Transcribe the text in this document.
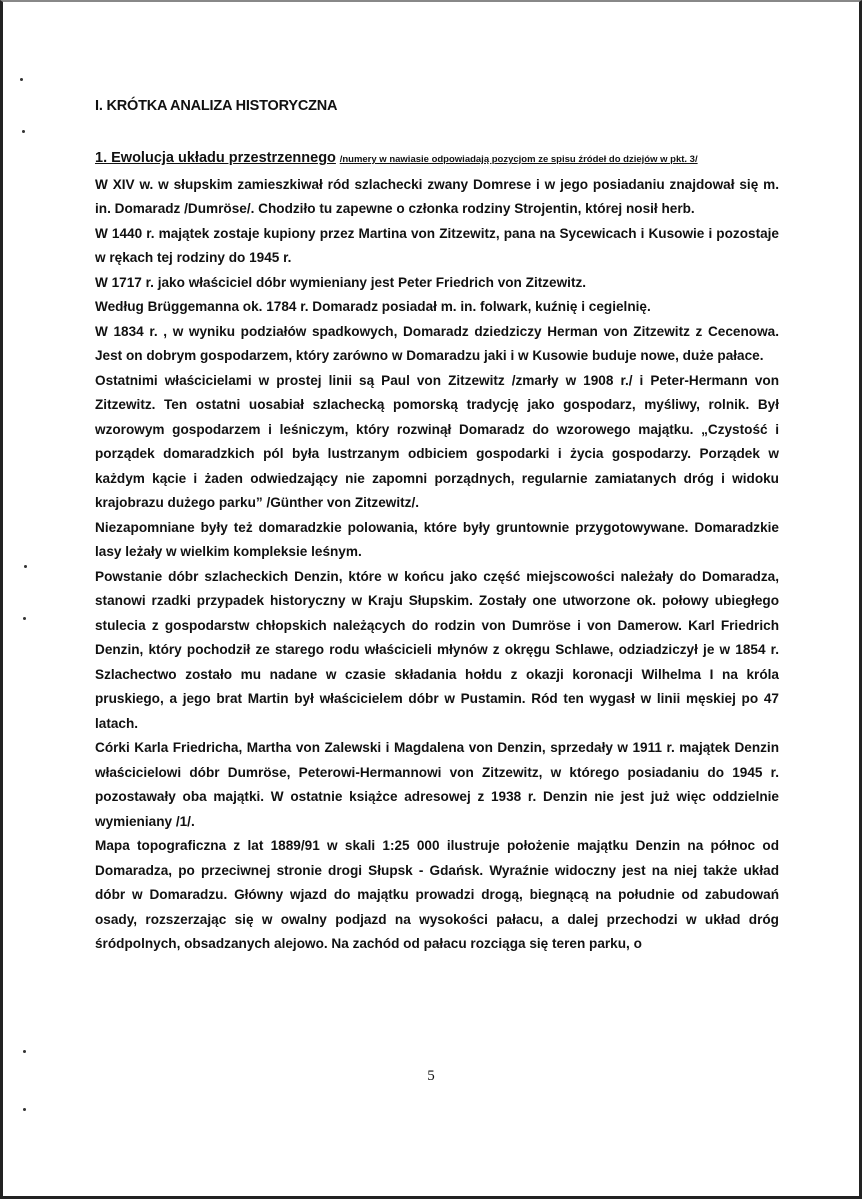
I. KRÓTKA ANALIZA HISTORYCZNA

1. Ewolucja układu przestrzennego /numery w nawiasie odpowiadają pozycjom ze spisu źródeł do dziejów w pkt. 3/

W XIV w. w słupskim zamieszkiwał ród szlachecki zwany Domrese i w jego posiadaniu znajdował się m. in. Domaradz /Dumröse/. Chodziło tu zapewne o członka rodziny Strojentin, której nosił herb.

W 1440 r. majątek zostaje kupiony przez Martina von Zitzewitz, pana na Sycewicach i Kusowie i pozostaje w rękach tej rodziny do 1945 r.

W 1717 r. jako właściciel dóbr wymieniany jest Peter Friedrich von Zitzewitz.

Według Brüggemanna ok. 1784 r. Domaradz posiadał m. in. folwark, kuźnię i cegielnię.

W 1834 r. , w wyniku podziałów spadkowych, Domaradz dziedziczy Herman von Zitzewitz z Cecenowa. Jest on dobrym gospodarzem, który zarówno w Domaradzu jaki i w Kusowie buduje nowe, duże pałace.

Ostatnimi właścicielami w prostej linii są Paul von Zitzewitz /zmarły w 1908 r./ i Peter-Hermann von Zitzewitz. Ten ostatni uosabiał szlachecką pomorską tradycję jako gospodarz, myśliwy, rolnik. Był wzorowym gospodarzem i leśniczym, który rozwinął Domaradz do wzorowego majątku. „Czystość i porządek domaradzkich pól była lustrzanym odbiciem gospodarki i życia gospodarzy. Porządek w każdym kącie i żaden odwiedzający nie zapomni porządnych, regularnie zamiatanych dróg i widoku krajobrazu dużego parku” /Günther von Zitzewitz/.

Niezapomniane były też domaradzkie polowania, które były gruntownie przygotowywane. Domaradzkie lasy leżały w wielkim kompleksie leśnym.

Powstanie dóbr szlacheckich Denzin, które w końcu jako część miejscowości należały do Domaradza, stanowi rzadki przypadek historyczny w Kraju Słupskim. Zostały one utworzone ok. połowy ubiegłego stulecia z gospodarstw chłopskich należących do rodzin von Dumröse i von Damerow. Karl Friedrich Denzin, który pochodził ze starego rodu właścicieli młynów z okręgu Schlawe, odziadziczył je w 1854 r. Szlachectwo zostało mu nadane w czasie składania hołdu z okazji koronacji Wilhelma I na króla pruskiego, a jego brat Martin był właścicielem dóbr w Pustamin. Ród ten wygasł w linii męskiej po 47 latach.

Córki Karla Friedricha, Martha von Zalewski i Magdalena von Denzin, sprzedały w 1911 r. majątek Denzin właścicielowi dóbr Dumröse, Peterowi-Hermannowi von Zitzewitz, w którego posiadaniu do 1945 r. pozostawały oba majątki. W ostatnie książce adresowej z 1938 r. Denzin nie jest już więc oddzielnie wymieniany /1/.

Mapa topograficzna z lat 1889/91 w skali 1:25 000 ilustruje położenie majątku Denzin na północ od Domaradza, po przeciwnej stronie drogi Słupsk - Gdańsk. Wyraźnie widoczny jest na niej także układ dóbr w Domaradzu. Główny wjazd do majątku prowadzi drogą, biegnącą na południe od zabudowań osady, rozszerzając się w owalny podjazd na wysokości pałacu, a dalej przechodzi w układ dróg śródpolnych, obsadzanych alejowo. Na zachód od pałacu rozciąga się teren parku, o

5
